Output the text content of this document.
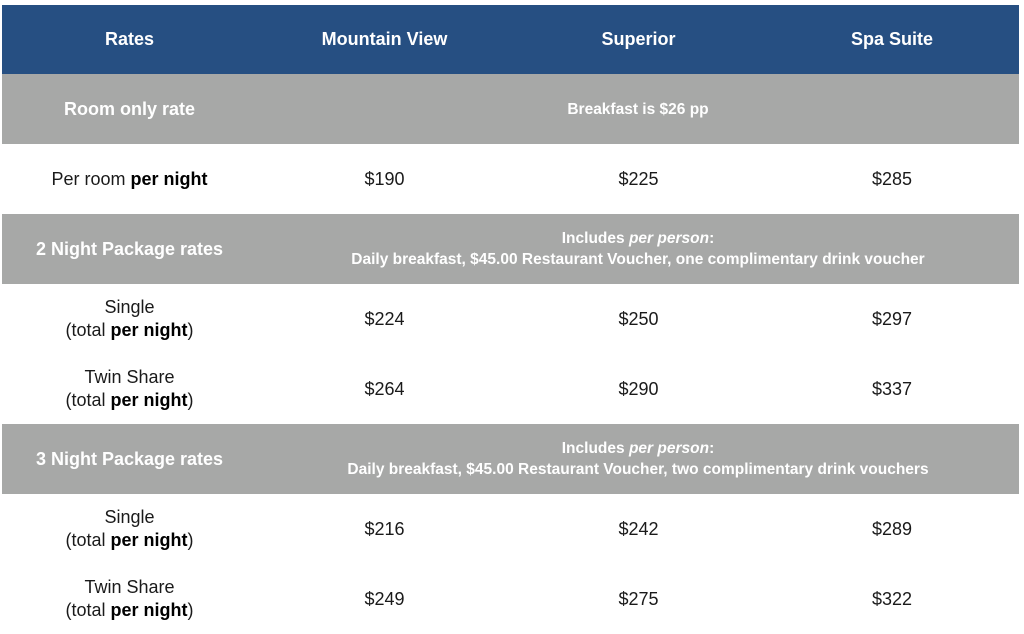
Rates	Mountain View	Superior	Spa Suite
Room only rate	Breakfast is $26 pp
Per room per night	$190	$225	$285
2 Night Package rates	Includes per person:
Daily breakfast, $45.00 Restaurant Voucher, one complimentary drink voucher
Single
(total per night)
$224	$250	$297
Twin Share
(total per night)
$264	$290	$337
3 Night Package rates	Includes per person:
Daily breakfast, $45.00 Restaurant Voucher, two complimentary drink vouchers
Single
(total per night)
$216	$242	$289
Twin Share
(total per night)
$249	$275	$322
